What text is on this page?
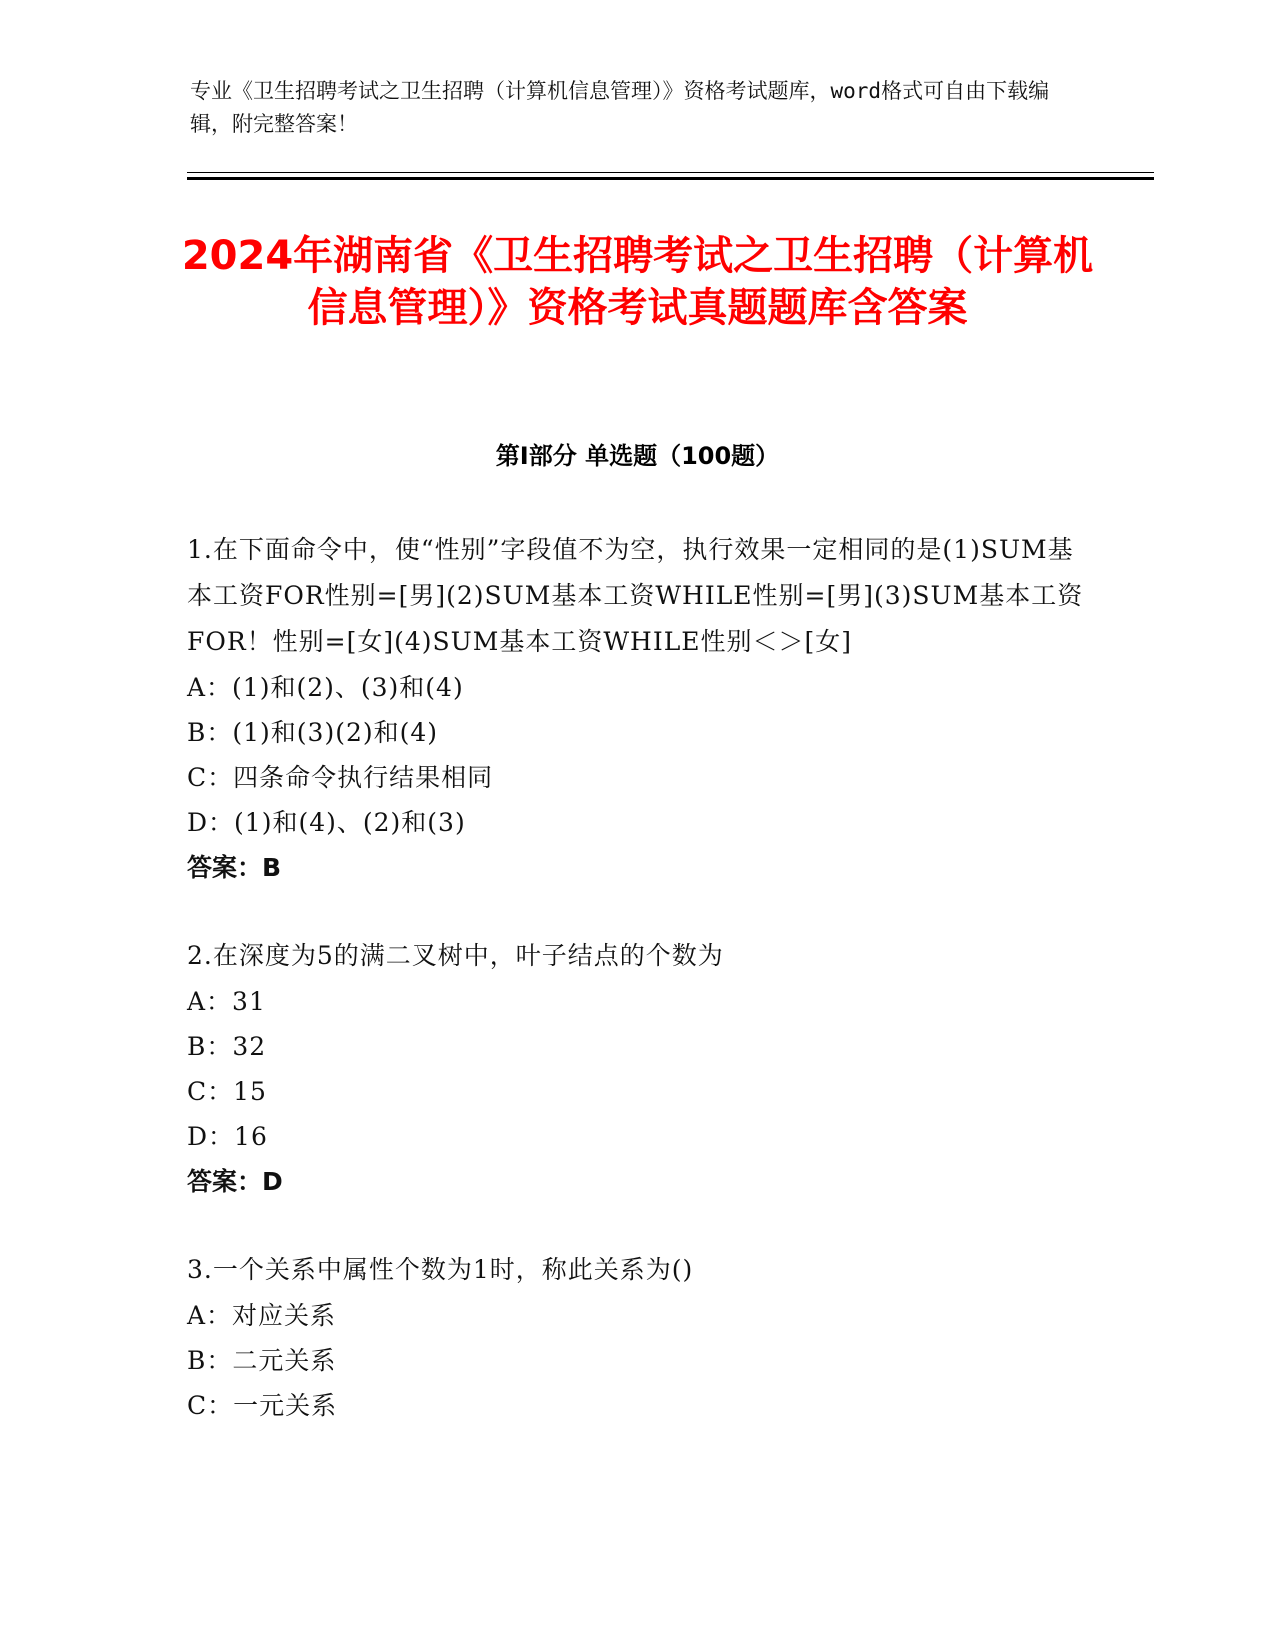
专业《卫生招聘考试之卫生招聘（计算机信息管理）》资格考试题库，word格式可自由下载编辑，附完整答案！
2024年湖南省《卫生招聘考试之卫生招聘（计算机信息管理）》资格考试真题题库含答案
第Ⅰ部分 单选题（100题）
1.在下面命令中，使“性别”字段值不为空，执行效果一定相同的是(1)SUM基本工资FOR性别=[男](2)SUM基本工资WHILE性别=[男](3)SUM基本工资FOR！性别=[女](4)SUM基本工资WHILE性别＜＞[女]
A：(1)和(2)、(3)和(4)
B：(1)和(3)(2)和(4)
C：四条命令执行结果相同
D：(1)和(4)、(2)和(3)
答案：B
2.在深度为5的满二叉树中，叶子结点的个数为
A：31
B：32
C：15
D：16
答案：D
3.一个关系中属性个数为1时，称此关系为()
A：对应关系
B：二元关系
C：一元关系
